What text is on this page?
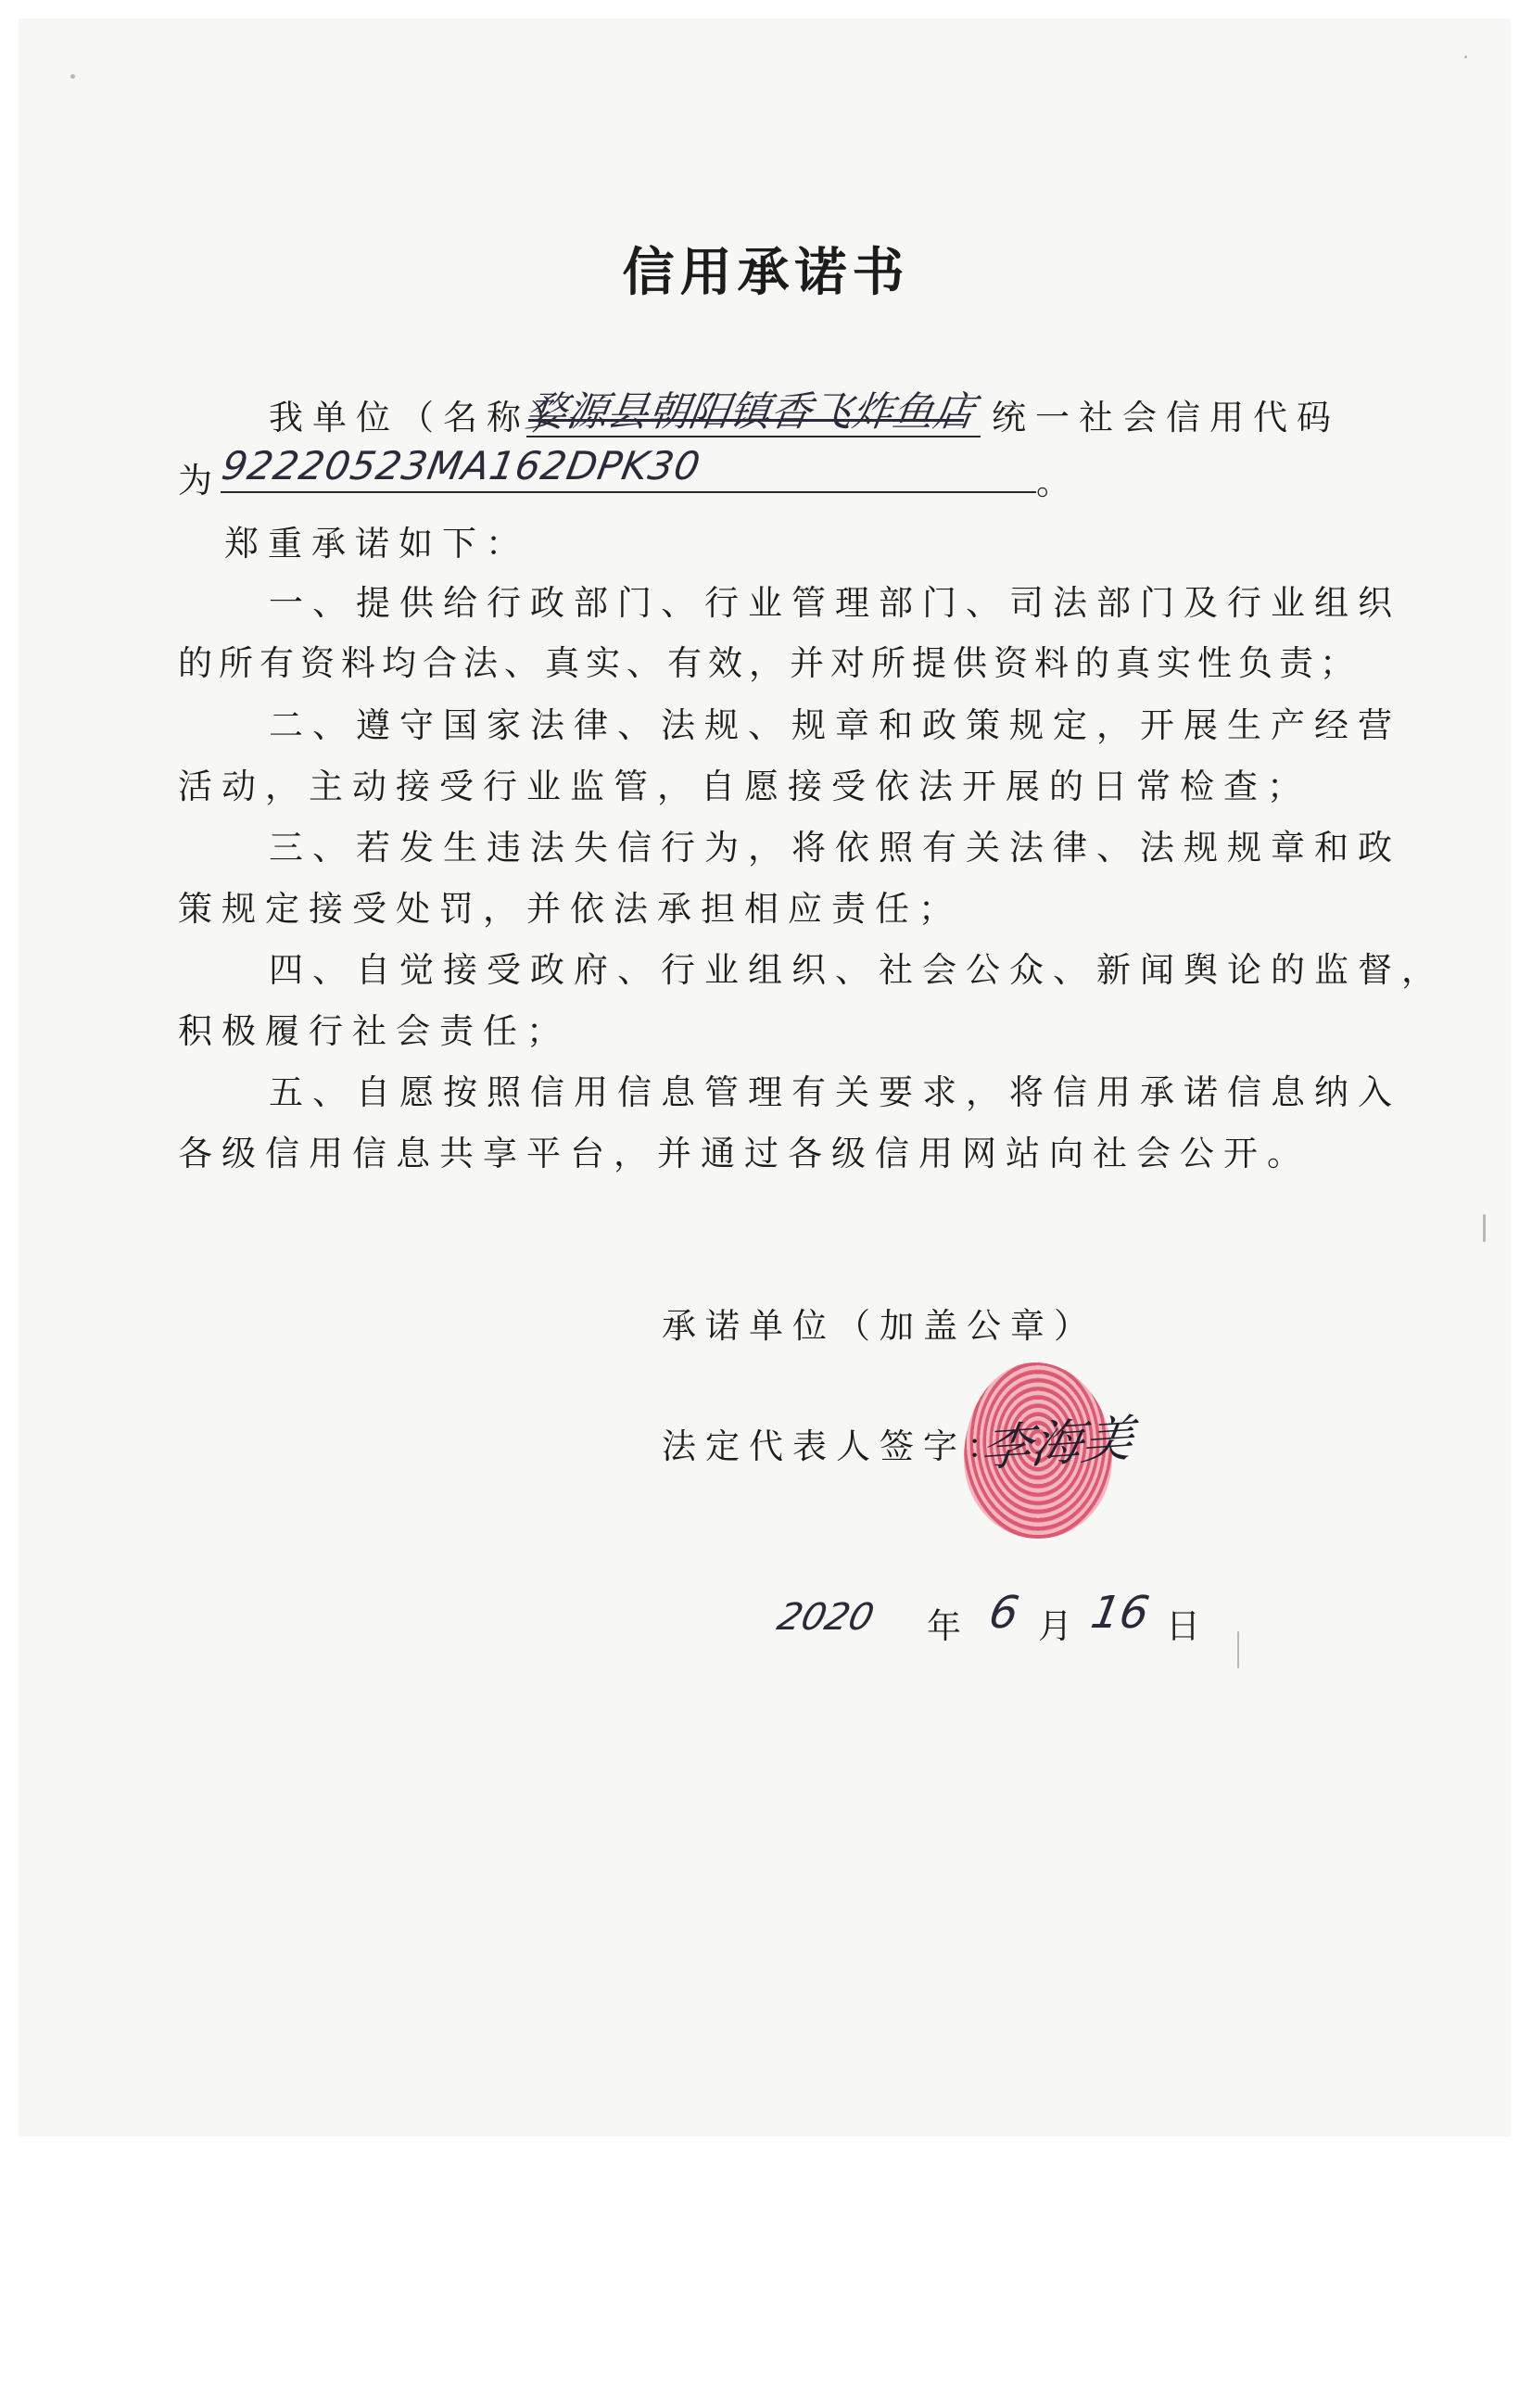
信用承诺书
我单位（名称）
婺源县朝阳镇香飞炸鱼店 统一社会信用代码
为
92220523MA162DPK30	。
郑重承诺如下：
一、提供给行政部门、行业管理部门、司法部门及行业组织
的所有资料均合法、真实、有效，并对所提供资料的真实性负责；
二、遵守国家法律、法规、规章和政策规定，开展生产经营
活动，主动接受行业监管，自愿接受依法开展的日常检查；
三、若发生违法失信行为，将依照有关法律、法规规章和政
策规定接受处罚，并依法承担相应责任；
四、自觉接受政府、行业组织、社会公众、新闻舆论的监督，
积极履行社会责任；
五、自愿按照信用信息管理有关要求，将信用承诺信息纳入
各级信用信息共享平台，并通过各级信用网站向社会公开。
承诺单位（加盖公章）
法定代表人签字：
李海美
2020 年 6 月 16 日
